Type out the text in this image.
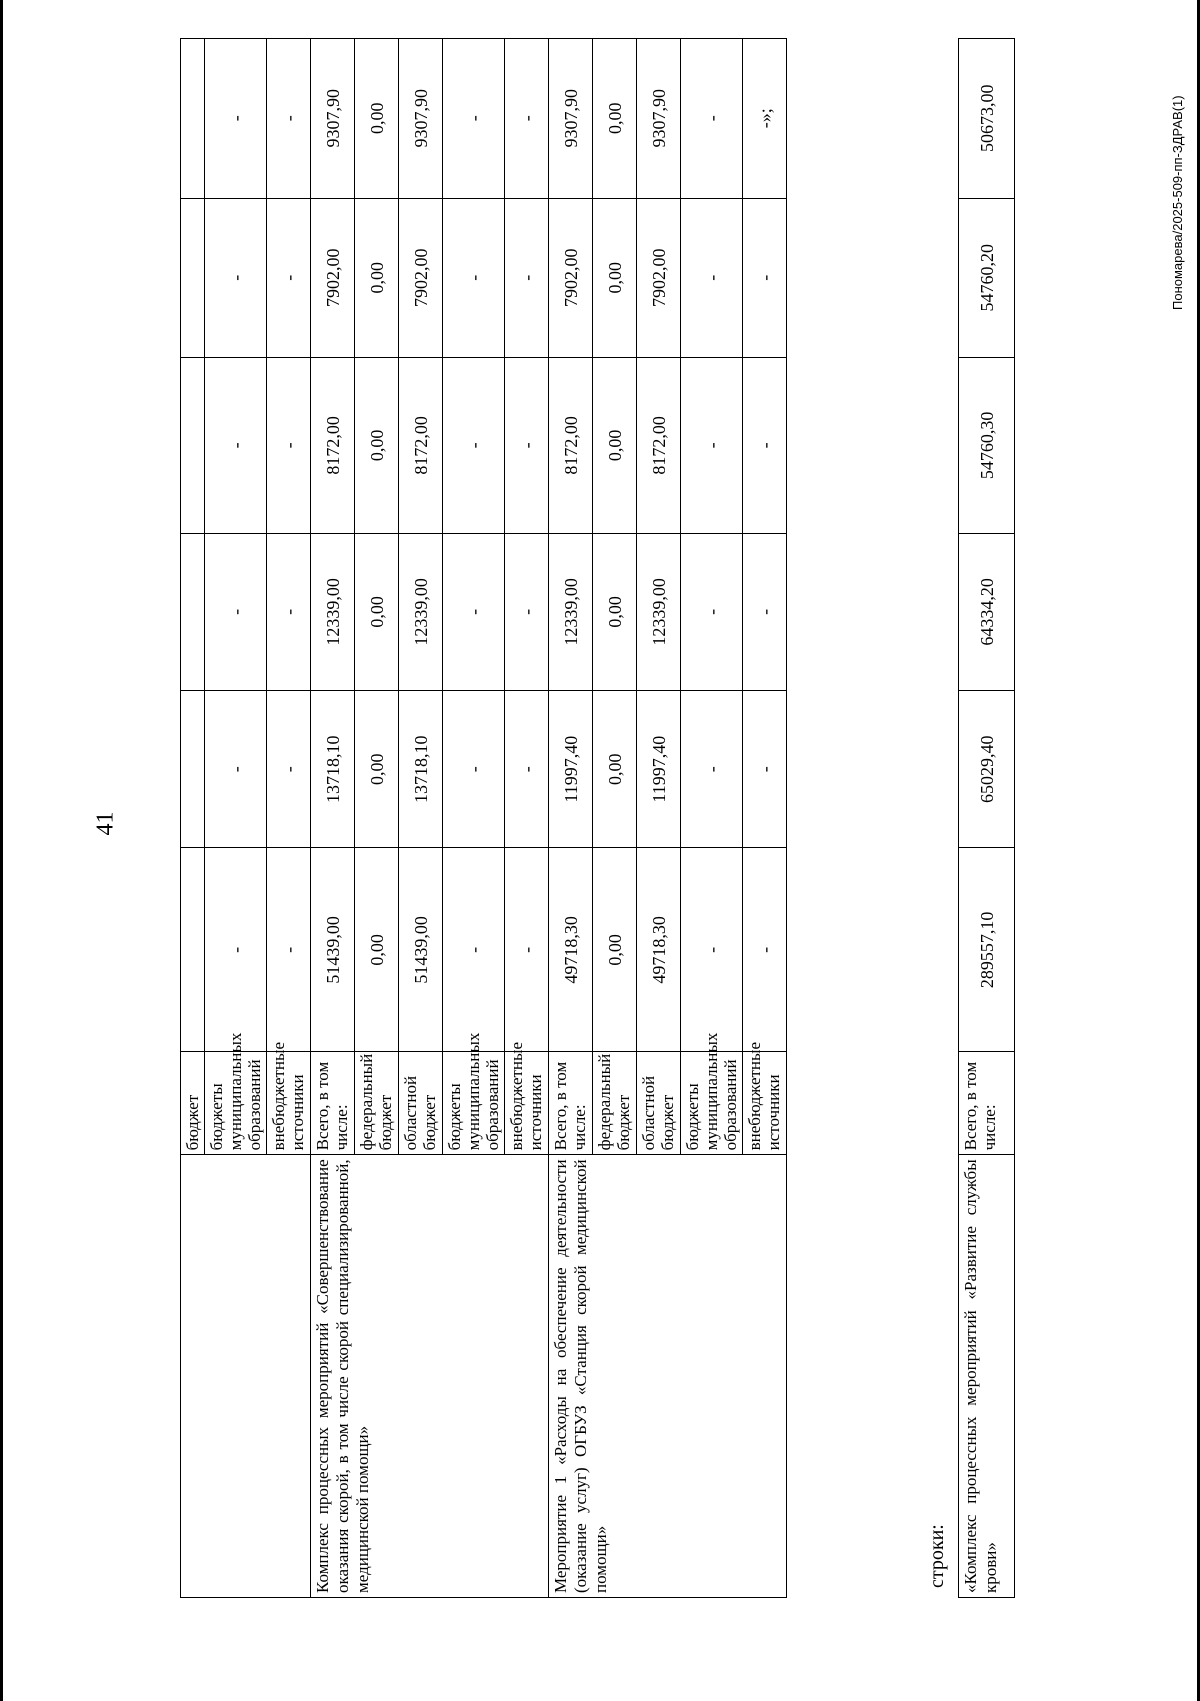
41
Пономарева/2025-509-пп-ЗДРАВ(1)
	бюджет						
	бюджеты муниципальных образований	-	-	-	-	-	-
	внебюджетные источники	-	-	-	-	-	-
Комплекс процессных мероприятий «Совершенствование оказания скорой, в том числе скорой специализированной, медицинской помощи»	Всего, в том числе:	51439,00	13718,10	12339,00	8172,00	7902,00	9307,90
	федеральный бюджет	0,00	0,00	0,00	0,00	0,00	0,00
	областной бюджет	51439,00	13718,10	12339,00	8172,00	7902,00	9307,90
	бюджеты муниципальных образований	-	-	-	-	-	-
	внебюджетные источники	-	-	-	-	-	-
Мероприятие 1 «Расходы на обеспечение деятельности (оказание услуг) ОГБУЗ «Станция скорой медицинской помощи»	Всего, в том числе:	49718,30	11997,40	12339,00	8172,00	7902,00	9307,90
	федеральный бюджет	0,00	0,00	0,00	0,00	0,00	0,00
	областной бюджет	49718,30	11997,40	12339,00	8172,00	7902,00	9307,90
	бюджеты муниципальных образований	-	-	-	-	-	-
	внебюджетные источники	-	-	-	-	-	-»;
строки: «Комплекс процессных мероприятий «Развитие службы крови»	Всего, в том числе:	289557,10	65029,40	64334,20	54760,30	54760,20	50673,00
